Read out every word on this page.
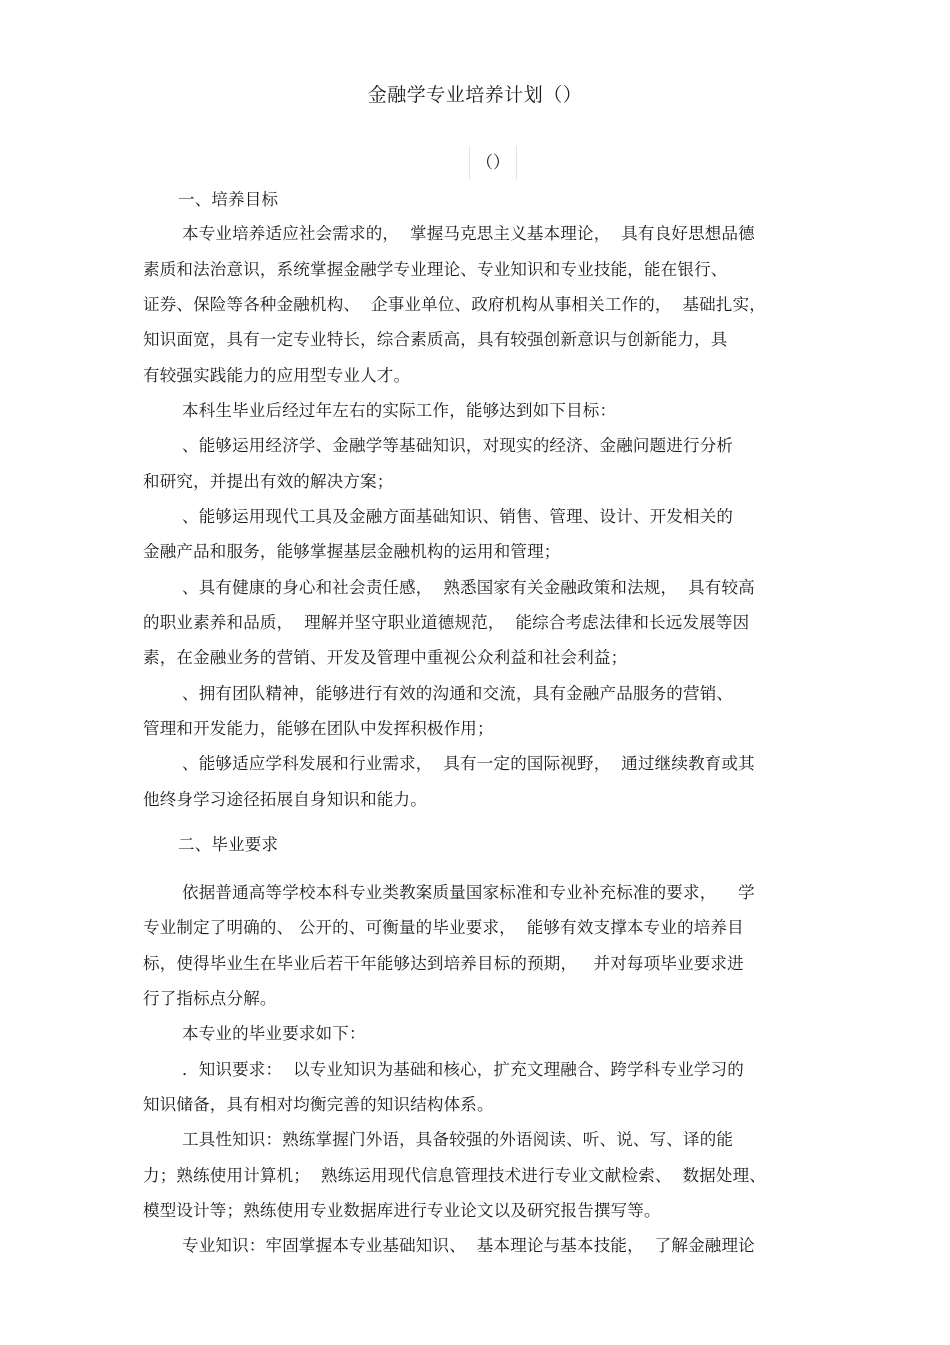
金融学专业培养计划（）
（）
一、培养目标
本专业培养适应社会需求的，  掌握马克思主义基本理论，  具有良好思想品德
素质和法治意识，系统掌握金融学专业理论、专业知识和专业技能，能在银行、
证券、保险等各种金融机构、  企事业单位、政府机构从事相关工作的，  基础扎实，
知识面宽，具有一定专业特长，综合素质高，具有较强创新意识与创新能力，具
有较强实践能力的应用型专业人才。
本科生毕业后经过年左右的实际工作，能够达到如下目标：
、能够运用经济学、金融学等基础知识，对现实的经济、金融问题进行分析
和研究，并提出有效的解决方案；
、能够运用现代工具及金融方面基础知识、销售、管理、设计、开发相关的
金融产品和服务，能够掌握基层金融机构的运用和管理；
、具有健康的身心和社会责任感，  熟悉国家有关金融政策和法规，  具有较高
的职业素养和品质，  理解并坚守职业道德规范，  能综合考虑法律和长远发展等因
素，在金融业务的营销、开发及管理中重视公众利益和社会利益；
、拥有团队精神，能够进行有效的沟通和交流，具有金融产品服务的营销、
管理和开发能力，能够在团队中发挥积极作用；
、能够适应学科发展和行业需求，  具有一定的国际视野，  通过继续教育或其
他终身学习途径拓展自身知识和能力。
二、毕业要求
依据普通高等学校本科专业类教案质量国家标准和专业补充标准的要求，    学
专业制定了明确的、 公开的、可衡量的毕业要求，  能够有效支撑本专业的培养目
标，使得毕业生在毕业后若干年能够达到培养目标的预期，   并对每项毕业要求进
行了指标点分解。
本专业的毕业要求如下：
．知识要求：  以专业知识为基础和核心，扩充文理融合、跨学科专业学习的
知识储备，具有相对均衡完善的知识结构体系。
工具性知识：熟练掌握门外语，具备较强的外语阅读、听、说、写、译的能
力；熟练使用计算机；  熟练运用现代信息管理技术进行专业文献检索、  数据处理、
模型设计等；熟练使用专业数据库进行专业论文以及研究报告撰写等。
专业知识：牢固掌握本专业基础知识、  基本理论与基本技能，  了解金融理论
